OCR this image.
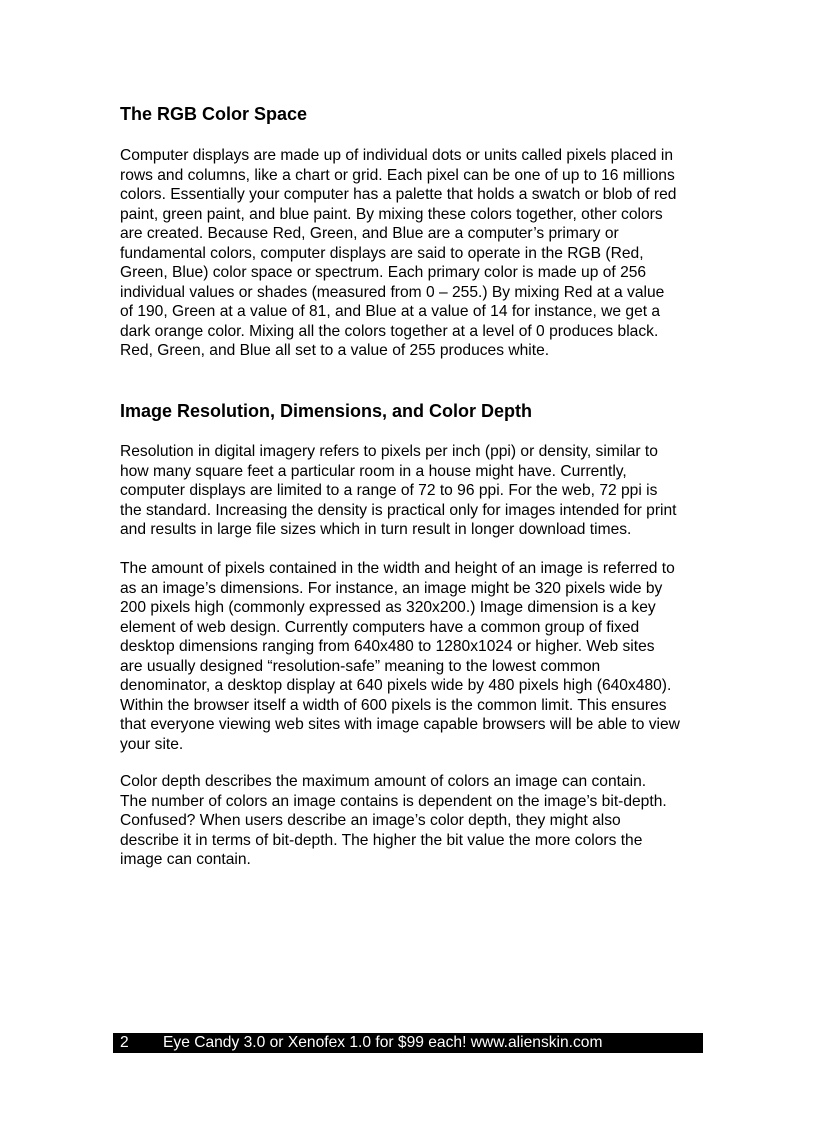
The RGB Color Space

Computer displays are made up of individual dots or units called pixels placed in
rows and columns, like a chart or grid. Each pixel can be one of up to 16 millions
colors. Essentially your computer has a palette that holds a swatch or blob of red
paint, green paint, and blue paint. By mixing these colors together, other colors
are created. Because Red, Green, and Blue are a computer’s primary or
fundamental colors, computer displays are said to operate in the RGB (Red,
Green, Blue) color space or spectrum. Each primary color is made up of 256
individual values or shades (measured from 0 – 255.) By mixing Red at a value
of 190, Green at a value of 81, and Blue at a value of 14 for instance, we get a
dark orange color. Mixing all the colors together at a level of 0 produces black.
Red, Green, and Blue all set to a value of 255 produces white.

Image Resolution, Dimensions, and Color Depth

Resolution in digital imagery refers to pixels per inch (ppi) or density, similar to
how many square feet a particular room in a house might have. Currently,
computer displays are limited to a range of 72 to 96 ppi. For the web, 72 ppi is
the standard. Increasing the density is practical only for images intended for print
and results in large file sizes which in turn result in longer download times.

The amount of pixels contained in the width and height of an image is referred to
as an image’s dimensions. For instance, an image might be 320 pixels wide by
200 pixels high (commonly expressed as 320x200.) Image dimension is a key
element of web design. Currently computers have a common group of fixed
desktop dimensions ranging from 640x480 to 1280x1024 or higher. Web sites
are usually designed “resolution-safe” meaning to the lowest common
denominator, a desktop display at 640 pixels wide by 480 pixels high (640x480).
Within the browser itself a width of 600 pixels is the common limit. This ensures
that everyone viewing web sites with image capable browsers will be able to view
your site.

Color depth describes the maximum amount of colors an image can contain.
The number of colors an image contains is dependent on the image’s bit-depth.
Confused? When users describe an image’s color depth, they might also
describe it in terms of bit-depth. The higher the bit value the more colors the
image can contain.

2 Eye Candy 3.0 or Xenofex 1.0 for $99 each! www.alienskin.com
